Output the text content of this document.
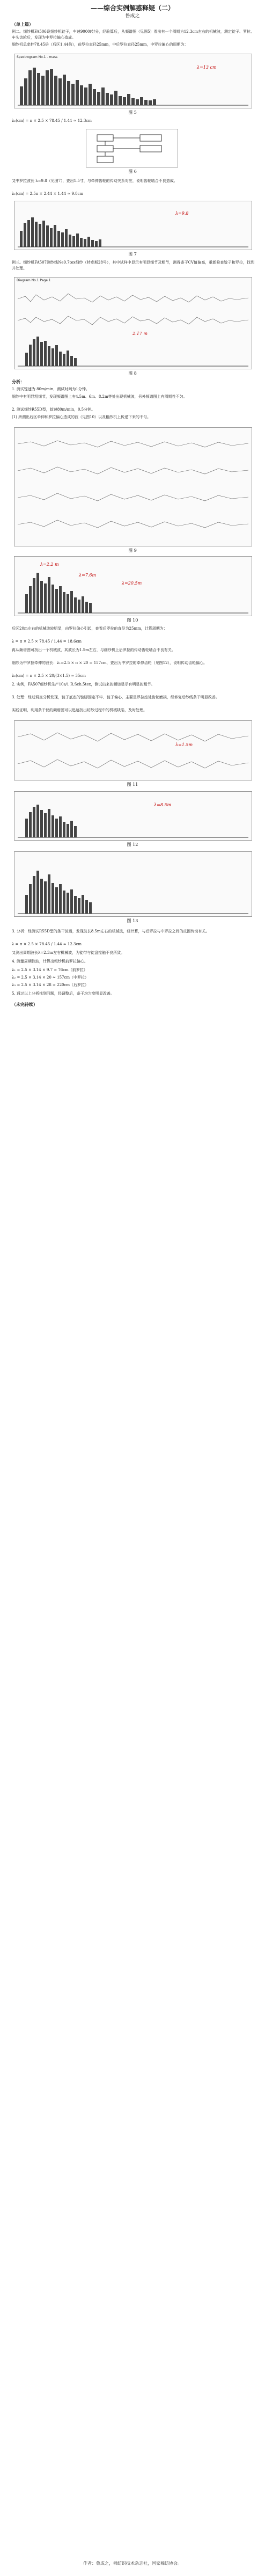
——综合实例解惑释疑（二）
鲁成之
（单上篇）
例二。细纱机FA506设细纱机锭子，车速9000转/分，经验算后，从频谱图（见图5）看出有一个周期为12.3cm左右的机械波，测定锭子、罗拉、车头齿轮后，发现为中罗拉偏心造成。
细纱机总牵伸78.45倍（后区1.44倍），前罗拉直径25mm，中后罗拉直径25mm，中罗拉偏心的周期为：
Spectrogram No.1 - mass
λ=13 cm
图 5
λ₂(cm) = π × 2.5 × 78.45 / 1.44 ≈ 12.3cm
图 6
又中罗拉波长 λ=9.8（见图7），查出1.5寸，与牵伸齿轮的传动关系对应，说明齿轮啮合不良造成。
λ₁(cm) = 2.5π × 2.44 × 1.44 ≈ 9.8cm
λ=9.8
图 7
例三。细纱机FA507测纱线Ne9.7tex细纱（特克斯28号），其中试样中显示有明显细节及粗节，测得条干CV值偏高，重新检查锭子和罗拉，找到并处理。
Diagram No.1 Page 1
2.17 m
图 8
分析：
1. 测试锭速为 80m/min，测试时间为1分钟。
细纱中有明显粗细节，发现频谱图上有4.5m、6m、8.2m等处出现机械波，另外频谱图上有周期性不匀。
2. 测试细纱R55D型，锭速80m/min，0.5分钟。
(1) 所测出后区牵伸和罗拉偏心造成的波（见图10）以及粗纱机上传递下来的不匀。
图 9
λ=2.2 m
λ=7.6m
λ=20.5m
图 10
后区20m左右的机械波较明显，由罗拉偏心引起，查看后罗拉的直径为25mm，计算周期为：
λ = π × 2.5 × 78.45 / 1.44 = 18.6cm
再从频谱图可找出一个机械波，其波长为1.5m左右，与细纱机上后罗拉的传动齿轮啮合不良有关。
细纱为中罗拉牵伸的波长：λ₁=2.5 × π × 20 = 157cm，查出为中罗拉的牵伸齿轮（见图12），说明传动齿轮偏心。
λ₂(cm) = π × 2.5 × 20/(3×1.5) ≈ 35cm
2. 实例，FA507细纱机生产10s/1 R.Sch.5tex，测试出来的频谱显示有明显的粗节。
3. 处理：经过调查分析发现，锭子底座的锭脚固定不牢、锭子偏心，主要是罗拉座处齿轮磨损，经修复后纱线条干明显改善。
实践证明，利用条干仪的频谱图可以迅速找出纺纱过程中的机械缺陷，及时处理。
λ=1.5m
图 11
λ=8.5m
图 12
图 13
3. 分析：经测试R55D型的条干波谱，发现波长8.5m左右的机械波，经计算，与后罗拉与中罗拉之间的皮圈传动有关。
λ = π × 2.5 × 78.45 / 1.44 ≈ 12.3cm
又测出周期波长λ=2.3m左右机械波，为锭带与锭盘接触不良所致。
4. 测量周期性波，计算出粗纱机前罗拉偏心。
λ₁ = 2.5 × 3.14 × 9.7 ≈ 76cm（前罗拉）
λ₂ = 2.5 × 3.14 × 20 ≈ 157cm（中罗拉）
λ₃ = 2.5 × 3.14 × 28 ≈ 220cm（后罗拉）
5. 通过以上分析找到问题，经调整后，条干均匀度明显改善。
（未完待续）
作者：鲁成之，棉纺织技术杂志社，国家棉纺协会。
